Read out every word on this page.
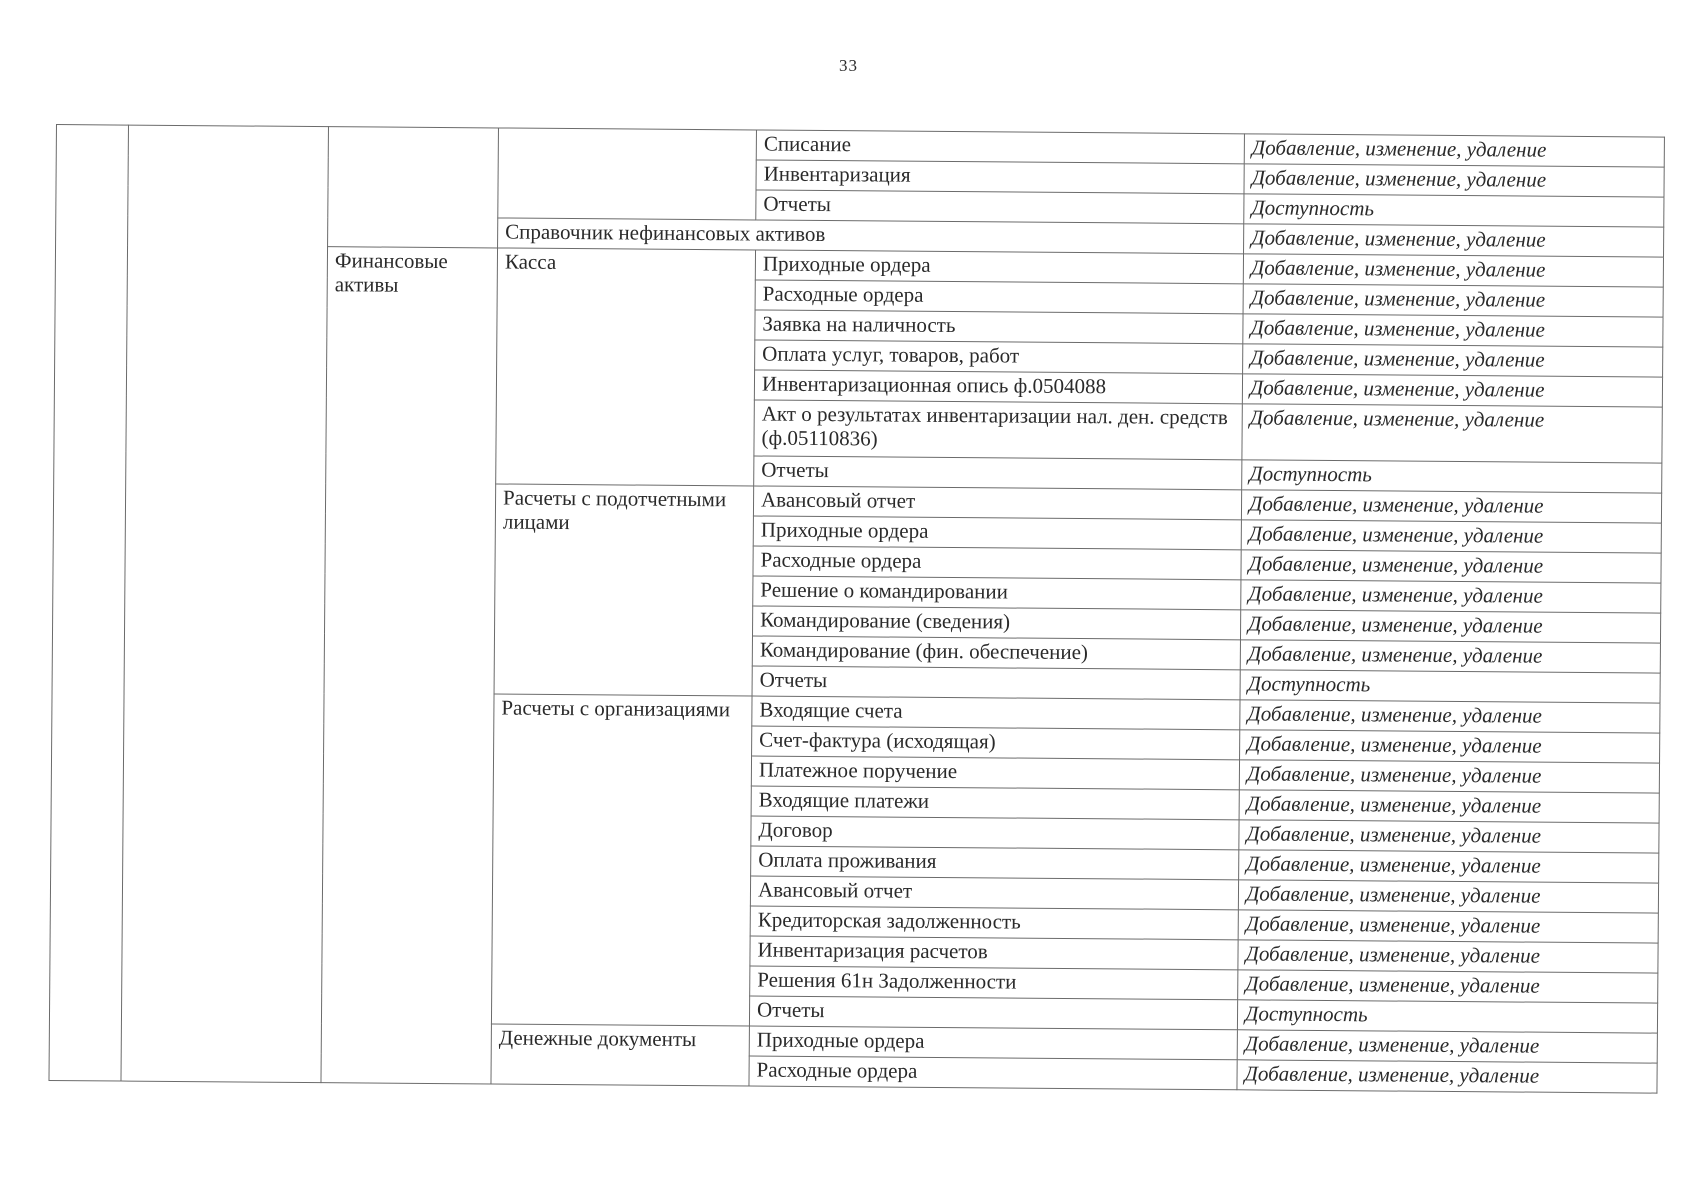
33
				Списание	Добавление, изменение, удаление
				Инвентаризация	Добавление, изменение, удаление
				Отчеты	Доступность
			Справочник нефинансовых активов		Добавление, изменение, удаление
		Финансовые активы	Касса	Приходные ордера	Добавление, изменение, удаление
				Расходные ордера	Добавление, изменение, удаление
				Заявка на наличность	Добавление, изменение, удаление
				Оплата услуг, товаров, работ	Добавление, изменение, удаление
				Инвентаризационная опись ф.0504088	Добавление, изменение, удаление
				Акт о результатах инвентаризации нал. ден. средств (ф.05110836)	Добавление, изменение, удаление
				Отчеты	Доступность
			Расчеты с подотчетными лицами	Авансовый отчет	Добавление, изменение, удаление
				Приходные ордера	Добавление, изменение, удаление
				Расходные ордера	Добавление, изменение, удаление
				Решение о командировании	Добавление, изменение, удаление
				Командирование (сведения)	Добавление, изменение, удаление
				Командирование (фин. обеспечение)	Добавление, изменение, удаление
				Отчеты	Доступность
			Расчеты с организациями	Входящие счета	Добавление, изменение, удаление
				Счет-фактура (исходящая)	Добавление, изменение, удаление
				Платежное поручение	Добавление, изменение, удаление
				Входящие платежи	Добавление, изменение, удаление
				Договор	Добавление, изменение, удаление
				Оплата проживания	Добавление, изменение, удаление
				Авансовый отчет	Добавление, изменение, удаление
				Кредиторская задолженность	Добавление, изменение, удаление
				Инвентаризация расчетов	Добавление, изменение, удаление
				Решения 61н Задолженности	Добавление, изменение, удаление
				Отчеты	Доступность
			Денежные документы	Приходные ордера	Добавление, изменение, удаление
				Расходные ордера	Добавление, изменение, удаление
